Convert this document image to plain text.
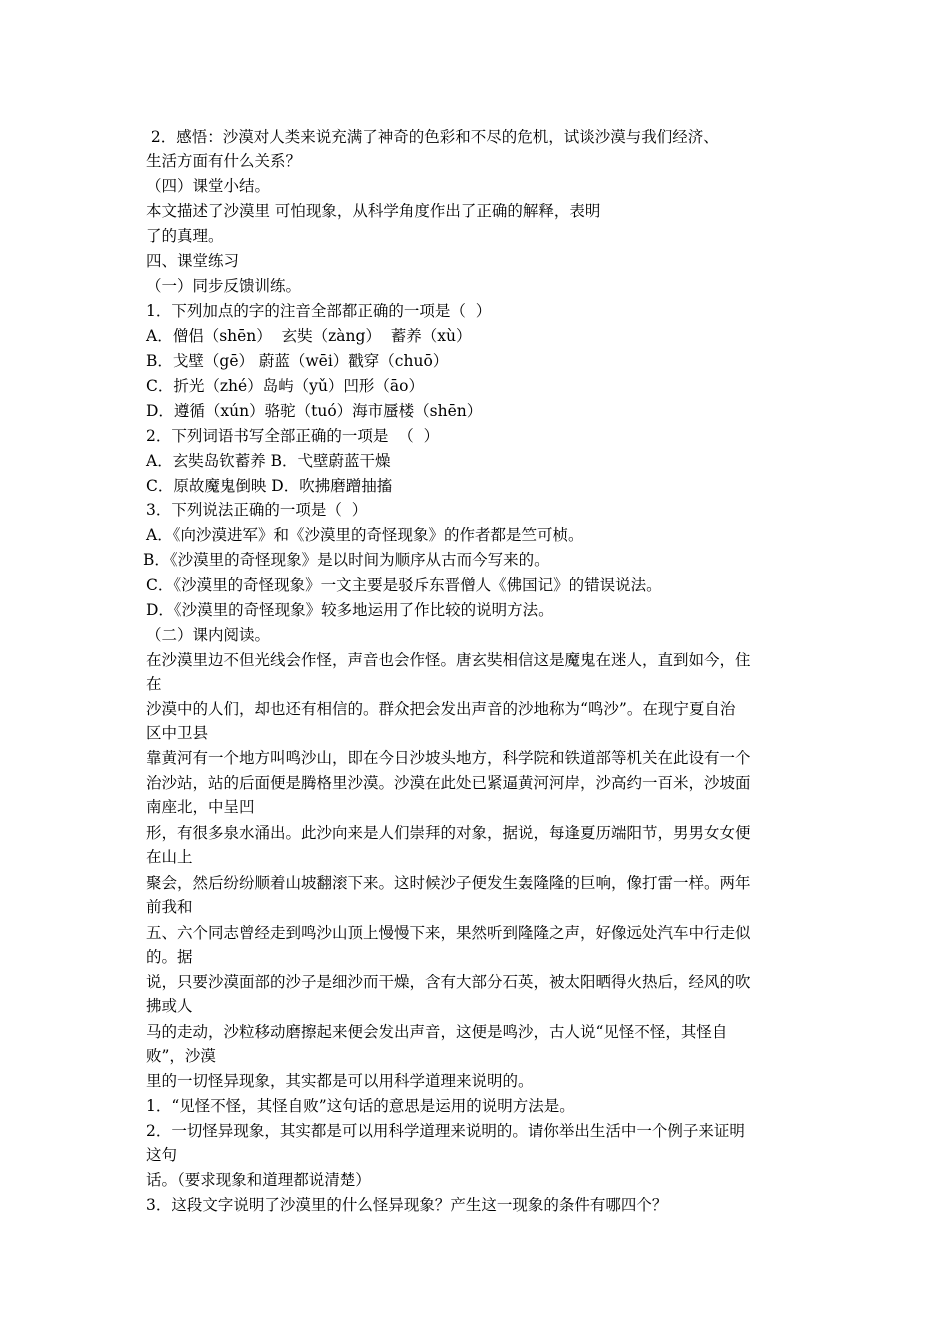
2．感悟：沙漠对人类来说充满了神奇的色彩和不尽的危机，试谈沙漠与我们经济、
生活方面有什么关系？
（四）课堂小结。
本文描述了沙漠里 可怕现象，从科学角度作出了正确的解释，表明
了的真理。
四、课堂练习
（一）同步反馈训练。
1．下列加点的字的注音全部都正确的一项是（  ）
A．僧侣（shēn）  玄奘（zàng）  蓄养（xù）
B．戈壁（gē） 蔚蓝（wēi）戳穿（chuō）
C．折光（zhé）岛屿（yǔ）凹形（āo）
D．遵循（xún）骆驼（tuó）海市蜃楼（shēn）
2．下列词语书写全部正确的一项是  （  ）
A．玄奘岛钦蓄养 B．弋壁蔚蓝干燥
C．原故魔鬼倒映 D．吹拂磨蹭抽搐
3．下列说法正确的一项是（  ）
A．《向沙漠进军》和《沙漠里的奇怪现象》的作者都是竺可桢。
B．《沙漠里的奇怪现象》是以时间为顺序从古而今写来的。
C．《沙漠里的奇怪现象》一文主要是驳斥东晋僧人《佛国记》的错误说法。
D．《沙漠里的奇怪现象》较多地运用了作比较的说明方法。
（二）课内阅读。
在沙漠里边不但光线会作怪，声音也会作怪。唐玄奘相信这是魔鬼在迷人，直到如今，住
在
沙漠中的人们，却也还有相信的。群众把会发出声音的沙地称为“鸣沙”。在现宁夏自治
区中卫县
靠黄河有一个地方叫鸣沙山，即在今日沙坡头地方，科学院和铁道部等机关在此设有一个
治沙站，站的后面便是腾格里沙漠。沙漠在此处已紧逼黄河河岸，沙高约一百米，沙坡面
南座北，中呈凹
形，有很多泉水涌出。此沙向来是人们崇拜的对象，据说，每逢夏历端阳节，男男女女便
在山上
聚会，然后纷纷顺着山坡翻滚下来。这时候沙子便发生轰隆隆的巨响，像打雷一样。两年
前我和
五、六个同志曾经走到鸣沙山顶上慢慢下来，果然听到隆隆之声，好像远处汽车中行走似
的。据
说，只要沙漠面部的沙子是细沙而干燥，含有大部分石英，被太阳晒得火热后，经风的吹
拂或人
马的走动，沙粒移动磨擦起来便会发出声音，这便是鸣沙，古人说“见怪不怪，其怪自
败”，沙漠
里的一切怪异现象，其实都是可以用科学道理来说明的。
1．“见怪不怪，其怪自败”这句话的意思是运用的说明方法是。
2．一切怪异现象，其实都是可以用科学道理来说明的。请你举出生活中一个例子来证明
这句
话。（要求现象和道理都说清楚）
3．这段文字说明了沙漠里的什么怪异现象？产生这一现象的条件有哪四个？
